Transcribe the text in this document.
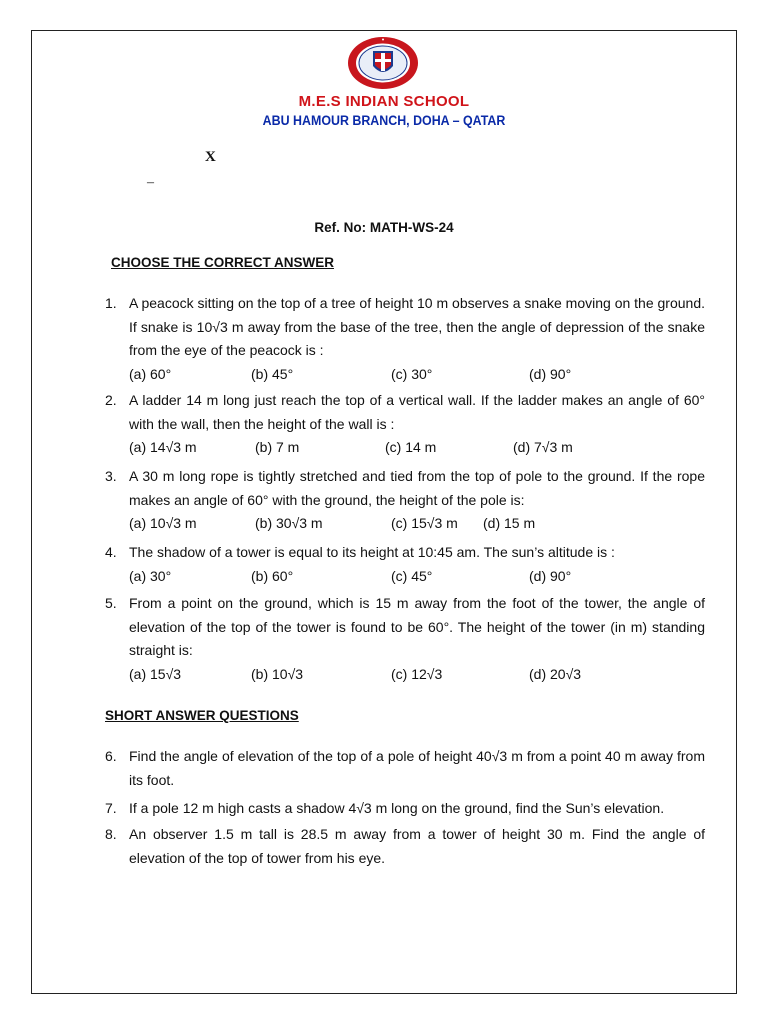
M.E.S INDIAN SCHOOL
ABU HAMOUR BRANCH, DOHA – QATAR
X
–
Ref. No: MATH-WS-24
CHOOSE THE CORRECT ANSWER
1. A peacock sitting on the top of a tree of height 10 m observes a snake moving on the ground. If snake is 10√3 m away from the base of the tree, then the angle of depression of the snake from the eye of the peacock is :
(a) 60°	(b) 45°	(c) 30°	(d) 90°
2. A ladder 14 m long just reach the top of a vertical wall. If the ladder makes an angle of 60° with the wall, then the height of the wall is :
(a) 14√3 m	(b) 7 m	(c) 14 m	(d) 7√3 m
3. A 30 m long rope is tightly stretched and tied from the top of pole to the ground. If the rope makes an angle of 60° with the ground, the height of the pole is:
(a) 10√3 m	(b) 30√3 m	(c) 15√3 m (d) 15 m
4. The shadow of a tower is equal to its height at 10:45 am. The sun’s altitude is :
(a) 30°	(b) 60°	(c) 45°	(d) 90°
5. From a point on the ground, which is 15 m away from the foot of the tower, the angle of elevation of the top of the tower is found to be 60°. The height of the tower (in m) standing straight is:
(a) 15√3	(b) 10√3	(c) 12√3	(d) 20√3
SHORT ANSWER QUESTIONS
6. Find the angle of elevation of the top of a pole of height 40√3 m from a point 40 m away from its foot.
7. If a pole 12 m high casts a shadow 4√3 m long on the ground, find the Sun’s elevation.
8. An observer 1.5 m tall is 28.5 m away from a tower of height 30 m. Find the angle of elevation of the top of tower from his eye.
